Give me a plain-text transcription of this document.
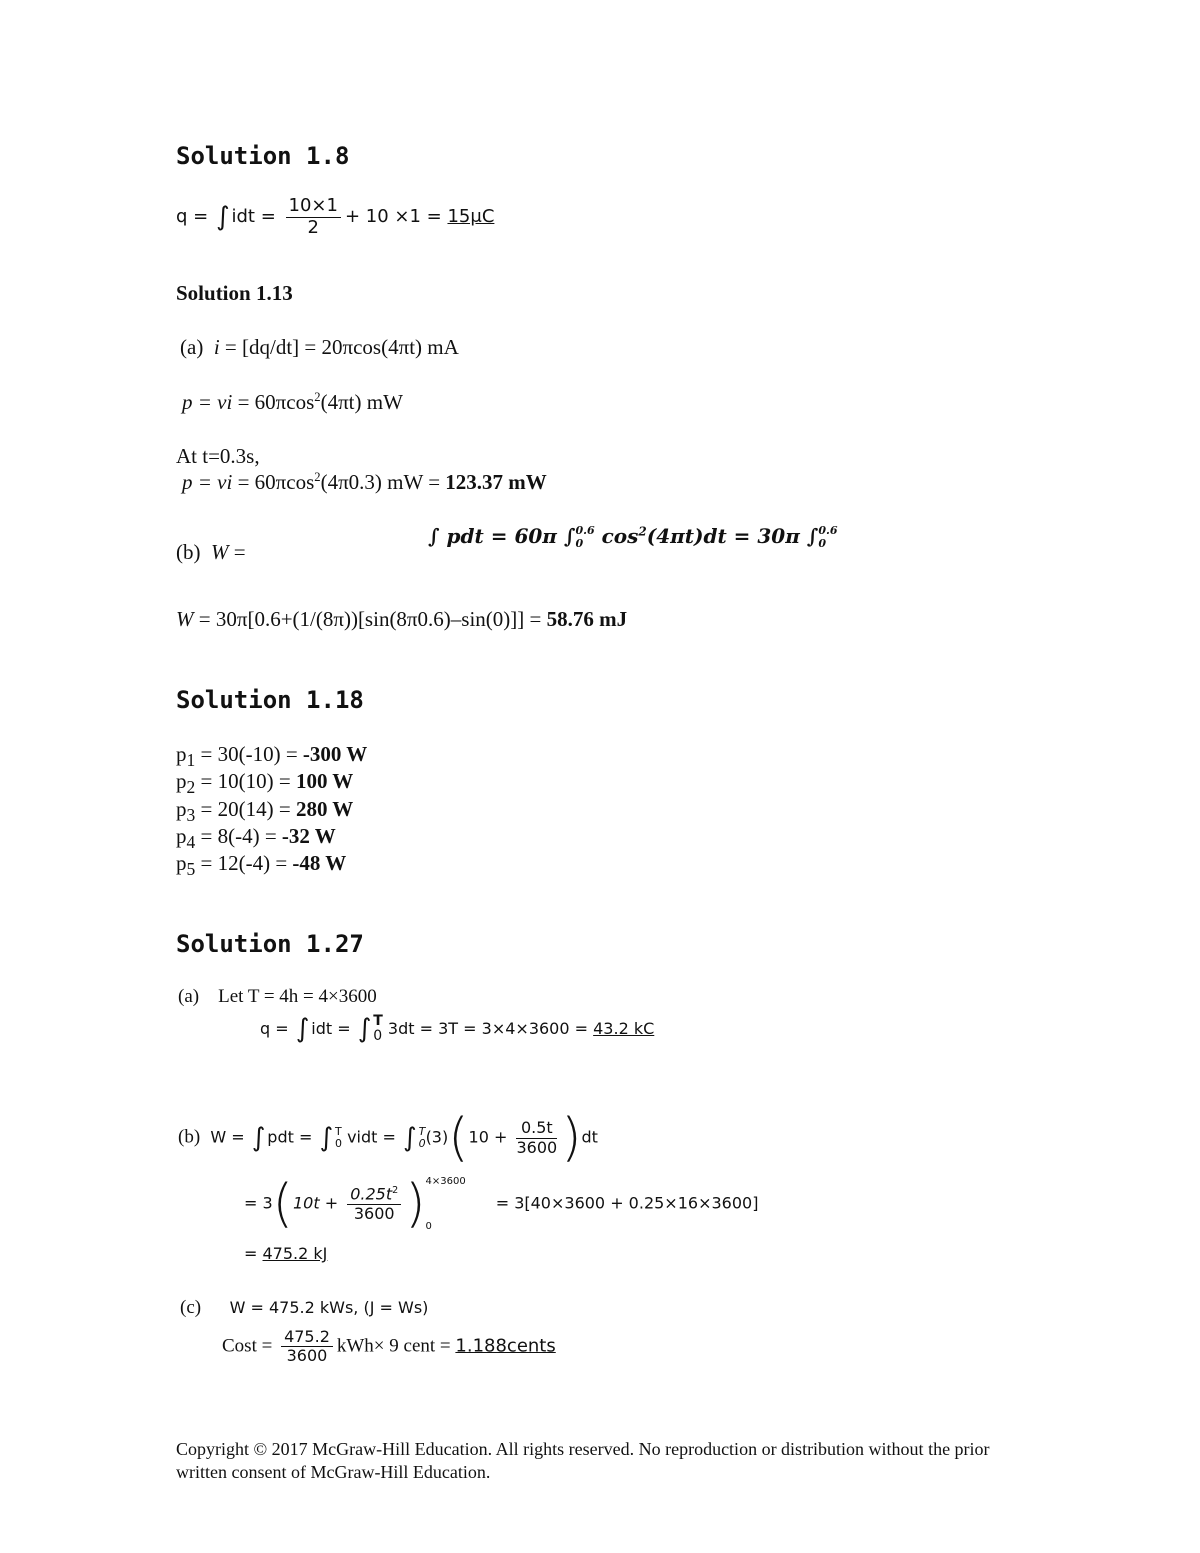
Solution 1.8
q = ∫ idt = $\frac{10\times 1}{2} + 10 \times 1 = 15\mu C$
Solution 1.13
(a) i = [dq/dt] = 20πcos(4πt) mA
p = vi = 60πcos$^2$(4πt) mW
At t=0.3s,
p = vi = 60πcos$^2$(4π0.3) mW = 123.37 mW
(b) W =
∫ pdt = 60π ∫ 0.6
0 $\cos^2(4\pi t)dt = 30\pi$ ∫ 0.6
0
W = 30π[0.6+(1/(8π))[sin(8π0.6)–sin(0)]] = 58.76 mJ
Solution 1.18
$p_1 = 30(-10) = -300$ W
$p_2 = 10(10) = 100$ W
$p_3 = 20(14) = 280$ W
$p_4 = 8(-4) = -32$ W
$p_5 = 12(-4) = -48$ W
Solution 1.27
(a) Let T = 4h = 4×3600
q = ∫ idt = ∫ T
0 3dt = 3T = 3×4×3600 = 43.2 kC
(b) W = ∫ pdt = ∫ T
0 vidt = ∫ T
0 $(3)(10 + \frac{0.5t}{3600} )dt$
= $3(10t + \frac{0.25t^2}{3600}$ ) 4×3600
0
= 3[40×3600 + 0.25×16×3600]
= 475.2 kJ
(c) W = 475.2 kWs, (J = Ws)
Cost = $\frac{475.2}{3600} kWh\times 9$ cent = 1.188cents
Copyright © 2017 McGraw-Hill Education. All rights reserved. No reproduction or distribution without the prior written consent of McGraw-Hill Education.
